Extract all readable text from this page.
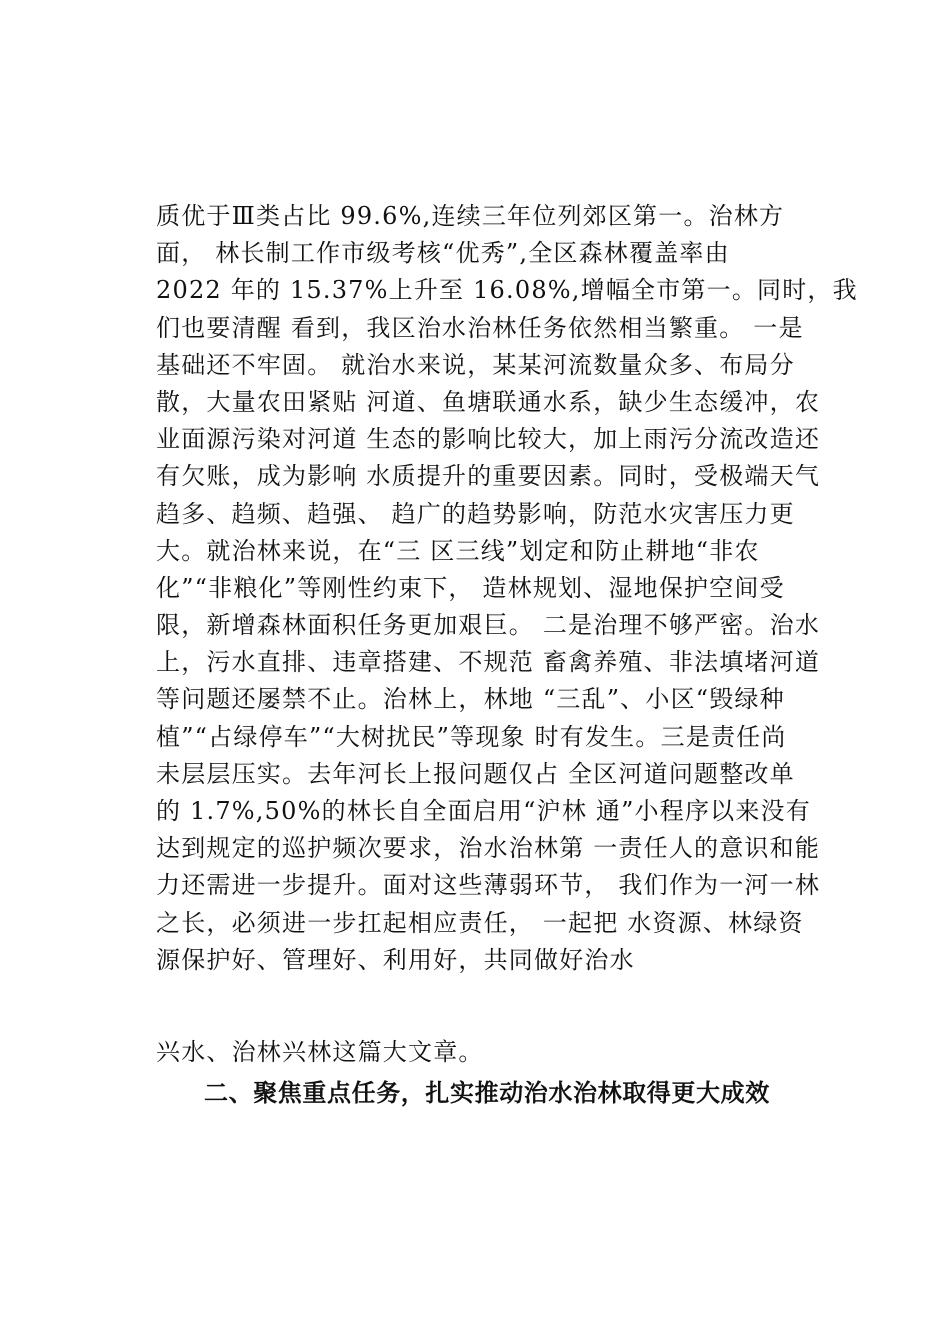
质优于Ⅲ类占比 99.6%,连续三年位列郊区第一。治林方
面， 林长制工作市级考核“优秀”,全区森林覆盖率由
2022 年的 15.37%上升至 16.08%,增幅全市第一。同时，我
们也要清醒 看到，我区治水治林任务依然相当繁重。 一是
基础还不牢固。 就治水来说，某某河流数量众多、布局分
散，大量农田紧贴 河道、鱼塘联通水系，缺少生态缓冲，农
业面源污染对河道 生态的影响比较大，加上雨污分流改造还
有欠账，成为影响 水质提升的重要因素。同时，受极端天气
趋多、趋频、趋强、 趋广的趋势影响，防范水灾害压力更
大。就治林来说，在“三 区三线”划定和防止耕地“非农
化”“非粮化”等刚性约束下， 造林规划、湿地保护空间受
限，新增森林面积任务更加艰巨。 二是治理不够严密。治水
上，污水直排、违章搭建、不规范 畜禽养殖、非法填堵河道
等问题还屡禁不止。治林上，林地 “三乱”、小区“毁绿种
植”“占绿停车”“大树扰民”等现象 时有发生。三是责任尚
未层层压实。去年河长上报问题仅占 全区河道问题整改单
的 1.7%,50%的林长自全面启用“沪林 通”小程序以来没有
达到规定的巡护频次要求，治水治林第 一责任人的意识和能
力还需进一步提升。面对这些薄弱环节， 我们作为一河一林
之长，必须进一步扛起相应责任， 一起把 水资源、林绿资
源保护好、管理好、利用好，共同做好治水
兴水、治林兴林这篇大文章。
二、聚焦重点任务，扎实推动治水治林取得更大成效
